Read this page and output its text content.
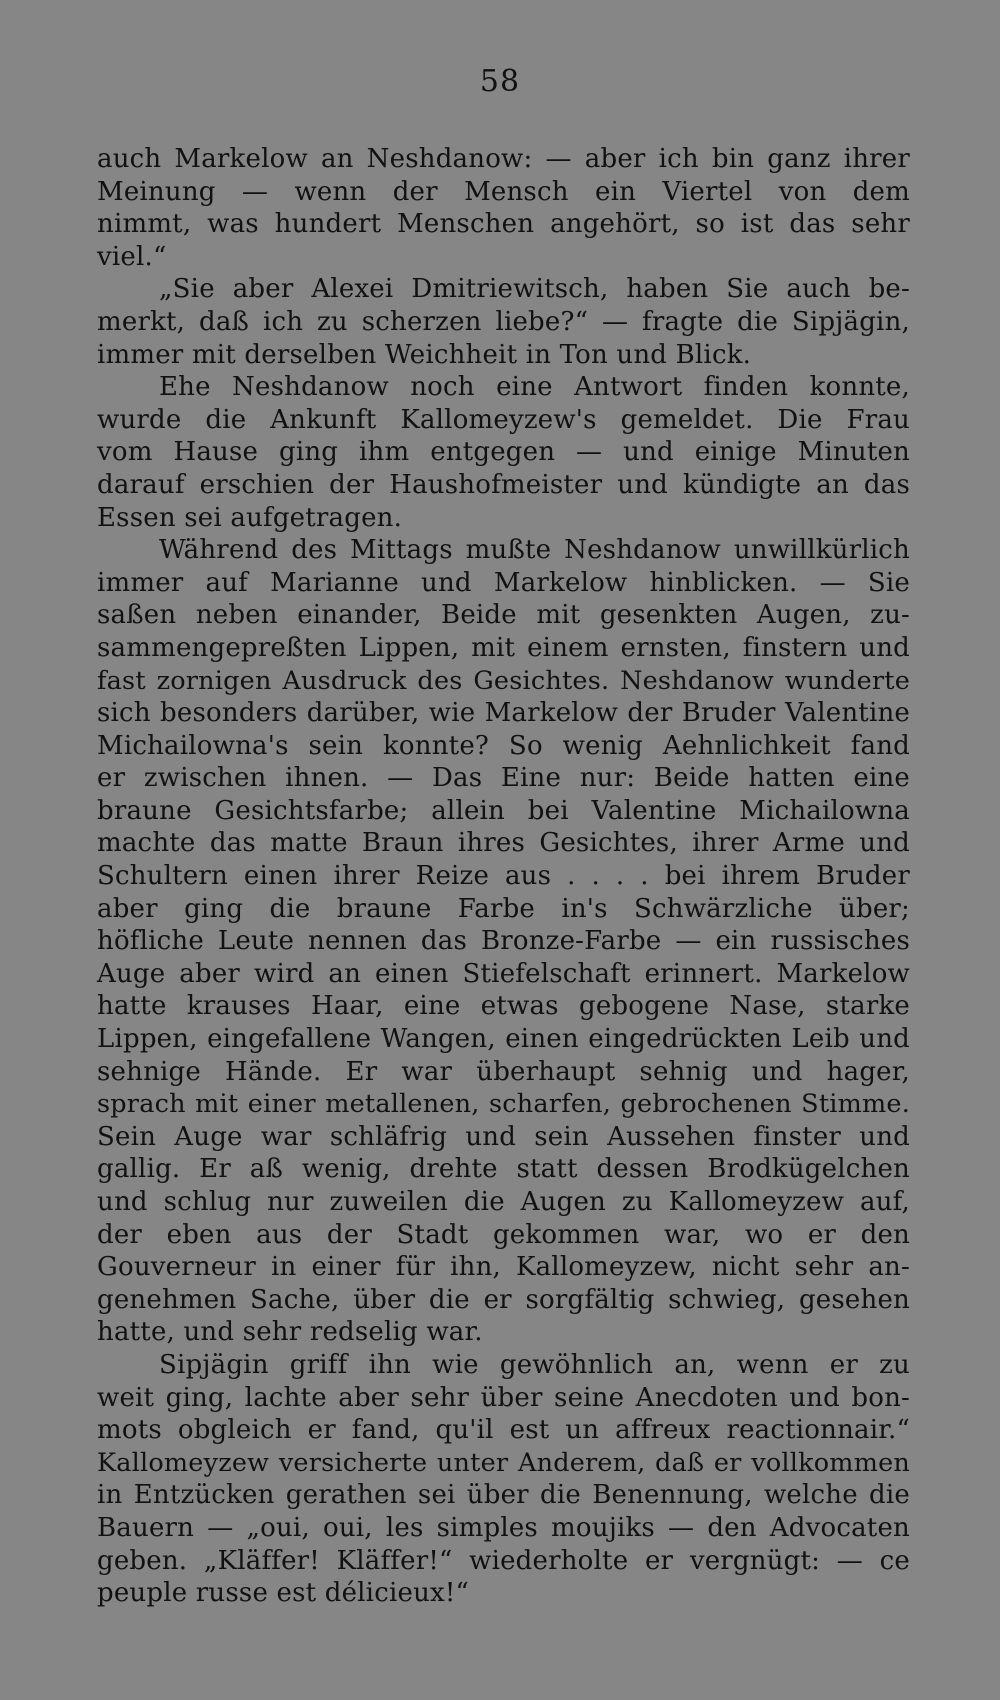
58
auch Markelow an Neshdanow: — aber ich bin ganz ihrer
Meinung — wenn der Mensch ein Viertel von dem
nimmt, was hundert Menschen angehört, so ist das sehr
viel.“
„Sie aber Alexei Dmitriewitsch, haben Sie auch be-
merkt, daß ich zu scherzen liebe?“ — fragte die Sipjägin,
immer mit derselben Weichheit in Ton und Blick.
Ehe Neshdanow noch eine Antwort finden konnte,
wurde die Ankunft Kallomeyzew's gemeldet. Die Frau
vom Hause ging ihm entgegen — und einige Minuten
darauf erschien der Haushofmeister und kündigte an das
Essen sei aufgetragen.
Während des Mittags mußte Neshdanow unwillkürlich
immer auf Marianne und Markelow hinblicken. — Sie
saßen neben einander, Beide mit gesenkten Augen, zu-
sammengepreßten Lippen, mit einem ernsten, finstern und
fast zornigen Ausdruck des Gesichtes. Neshdanow wunderte
sich besonders darüber, wie Markelow der Bruder Valentine
Michailowna's sein konnte? So wenig Aehnlichkeit fand
er zwischen ihnen. — Das Eine nur: Beide hatten eine
braune Gesichtsfarbe; allein bei Valentine Michailowna
machte das matte Braun ihres Gesichtes, ihrer Arme und
Schultern einen ihrer Reize aus . . . . bei ihrem Bruder
aber ging die braune Farbe in's Schwärzliche über;
höfliche Leute nennen das Bronze-Farbe — ein russisches
Auge aber wird an einen Stiefelschaft erinnert. Markelow
hatte krauses Haar, eine etwas gebogene Nase, starke
Lippen, eingefallene Wangen, einen eingedrückten Leib und
sehnige Hände. Er war überhaupt sehnig und hager,
sprach mit einer metallenen, scharfen, gebrochenen Stimme.
Sein Auge war schläfrig und sein Aussehen finster und
gallig. Er aß wenig, drehte statt dessen Brodkügelchen
und schlug nur zuweilen die Augen zu Kallomeyzew auf,
der eben aus der Stadt gekommen war, wo er den
Gouverneur in einer für ihn, Kallomeyzew, nicht sehr an-
genehmen Sache, über die er sorgfältig schwieg, gesehen
hatte, und sehr redselig war.
Sipjägin griff ihn wie gewöhnlich an, wenn er zu
weit ging, lachte aber sehr über seine Anecdoten und bon-
mots obgleich er fand, qu'il est un affreux reactionnair.“
Kallomeyzew versicherte unter Anderem, daß er vollkommen
in Entzücken gerathen sei über die Benennung, welche die
Bauern — „oui, oui, les simples moujiks — den Advocaten
geben. „Kläffer! Kläffer!“ wiederholte er vergnügt: — ce
peuple russe est délicieux!“
